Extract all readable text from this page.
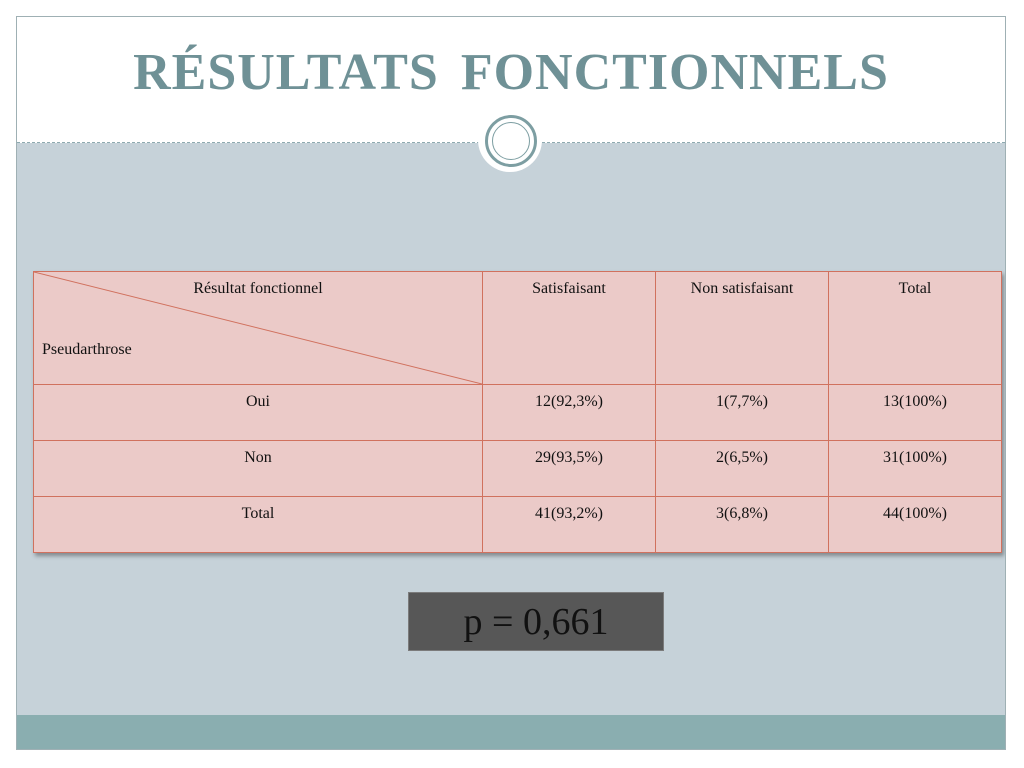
RÉSULTATS FONCTIONNELS
Résultat fonctionnel
Pseudarthrose	Satisfaisant	Non satisfaisant	Total
Oui	12(92,3%)	1(7,7%)	13(100%)
Non	29(93,5%)	2(6,5%)	31(100%)
Total	41(93,2%)	3(6,8%)	44(100%)
p = 0,661
